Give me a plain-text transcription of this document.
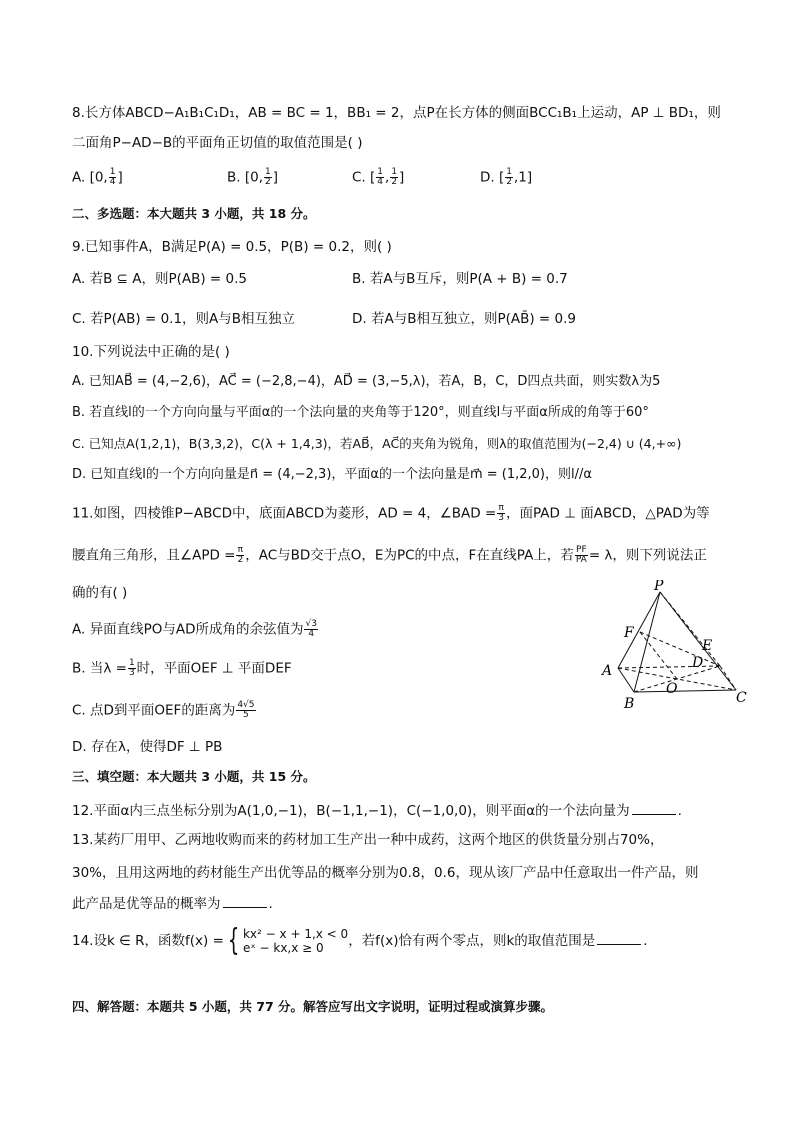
8.长方体ABCD−A₁B₁C₁D₁，AB = BC = 1，BB₁ = 2，点P在长方体的侧面BCC₁B₁上运动，AP ⊥ BD₁，则
二面角P−AD−B的平面角正切值的取值范围是( )
A. [0, $\frac{1}{4}$ ]	B. [0, $\frac{1}{2}$ ]	C. [ $\frac{1}{4}$ , $\frac{1}{2}$ ]	D. [ $\frac{1}{2} ,1$]
二、多选题：本大题共 3 小题，共 18 分。
9.已知事件A，B满足P(A) = 0.5，P(B) = 0.2，则( )
A. 若B ⊆ A，则P(AB) = 0.5	B. 若A与B互斥，则P(A + B) = 0.7
C. 若P(AB) = 0.1，则A与B相互独立	D. 若A与B相互独立，则P(AB̄) = 0.9
10.下列说法中正确的是( )
A. 已知AB⃗ = (4,−2,6)，AC⃗ = (−2,8,−4)，AD⃗ = (3,−5,λ)，若A，B，C，D四点共面，则实数λ为5
B. 若直线l的一个方向向量与平面α的一个法向量的夹角等于120°，则直线l与平面α所成的角等于60°
C. 已知点A(1,2,1)，B(3,3,2)，C(λ + 1,4,3)，若AB⃗，AC⃗的夹角为锐角，则λ的取值范围为(−2,4) ∪ (4,+∞)
D. 已知直线l的一个方向向量是n⃗ = (4,−2,3)，平面α的一个法向量是m⃗ = (1,2,0)，则l//α
11.如图，四棱锥P−ABCD中，底面ABCD为菱形，AD = 4，∠BAD = $\frac{\pi}{3}$ ，面PAD ⊥ 面ABCD，△PAD为等
腰直角三角形，且∠APD = $\frac{\pi}{2}$ ，AC与BD交于点O，E为PC的中点，F在直线PA上，若 $\frac{PF}{PA} = \lambda$，则下列说法正
确的有( )
A. 异面直线PO与AD所成角的余弦值为 $\frac{√3}{4}$
B. 当$\lambda = \frac{1}{3}$ 时，平面OEF ⊥ 平面DEF
C. 点D到平面OEF的距离为 $\frac{4√5}{5}$
D. 存在λ，使得DF ⊥ PB
P
F
E
D
A
O
B	C
三、填空题：本大题共 3 小题，共 15 分。
12.平面α内三点坐标分别为A(1,0,−1)，B(−1,1,−1)，C(−1,0,0)，则平面α的一个法向量为	.
13.某药厂用甲、乙两地收购而来的药材加工生产出一种中成药，这两个地区的供货量分别占70%，
30%，且用这两地的药材能生产出优等品的概率分别为0.8，0.6，现从该厂产品中任意取出一件产品，则
此产品是优等品的概率为	.
14.设k ∈ R，函数f(x) = { kx² − x + 1,x < 0
eˣ − kx,x ≥ 0	，若f(x)恰有两个零点，则k的取值范围是	.
四、解答题：本题共 5 小题，共 77 分。解答应写出文字说明，证明过程或演算步骤。
